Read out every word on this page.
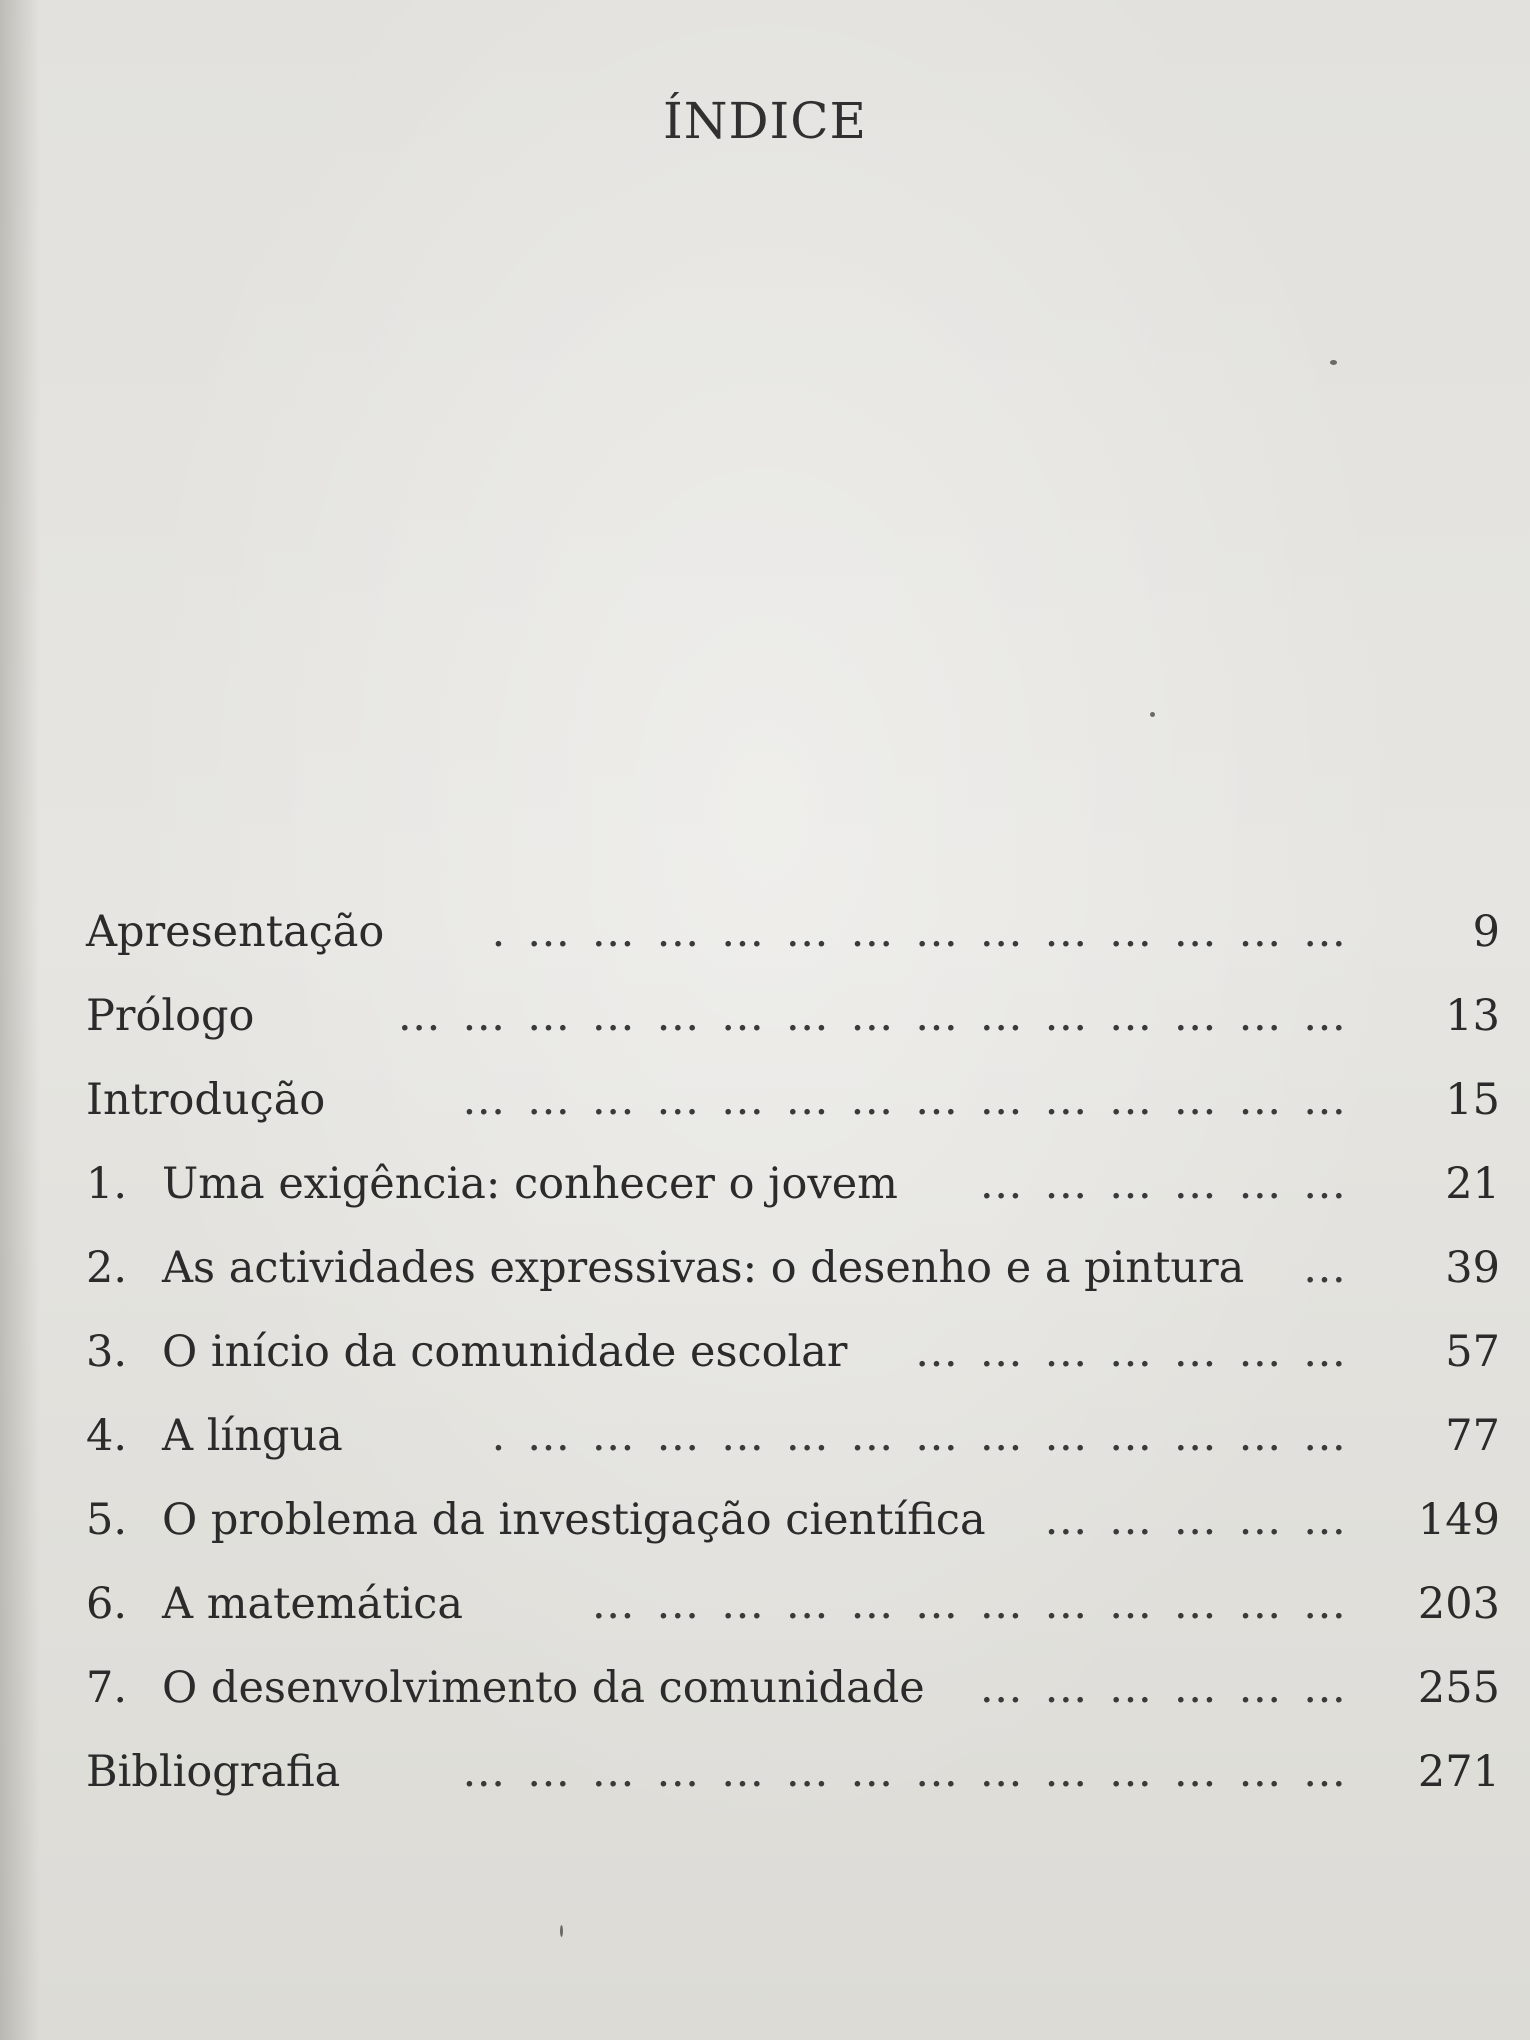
ÍNDICE
Apresentação . … … … … … … … … … … … … …	9
Prólogo	… … … … … … … … … … … … … … …	13
Introdução	… … … … … … … … … … … … … …	15
1. Uma exigência: conhecer o jovem … … … … … …	21
2. As actividades expressivas: o desenho e a pintura …	39
3. O início da comunidade escolar … … … … … … …	57
4. A língua	. … … … … … … … … … … … … …	77
5. O problema da investigação científica … … … … …	149
6. A matemática	… … … … … … … … … … … …	203
7. O desenvolvimento da comunidade … … … … … …	255
Bibliografia	… … … … … … … … … … … … … …	271
